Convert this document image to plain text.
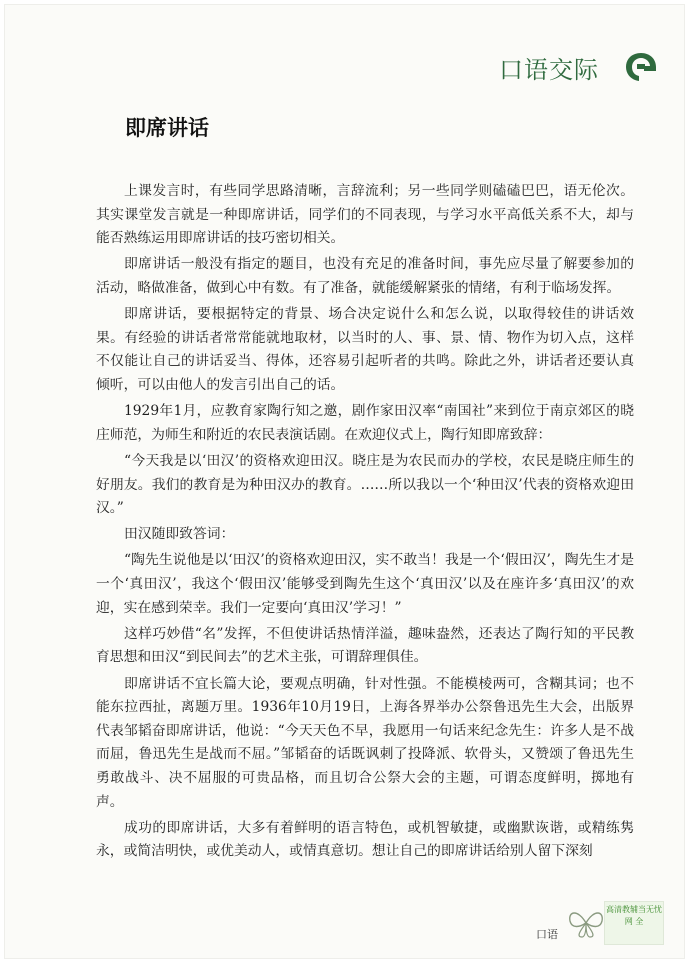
口语交际
即席讲话

上课发言时，有些同学思路清晰，言辞流利；另一些同学则磕磕巴巴，语无伦次。其实课堂发言就是一种即席讲话，同学们的不同表现，与学习水平高低关系不大，却与能否熟练运用即席讲话的技巧密切相关。

即席讲话一般没有指定的题目，也没有充足的准备时间，事先应尽量了解要参加的活动，略做准备，做到心中有数。有了准备，就能缓解紧张的情绪，有利于临场发挥。

即席讲话，要根据特定的背景、场合决定说什么和怎么说，以取得较佳的讲话效果。有经验的讲话者常常能就地取材，以当时的人、事、景、情、物作为切入点，这样不仅能让自己的讲话妥当、得体，还容易引起听者的共鸣。除此之外，讲话者还要认真倾听，可以由他人的发言引出自己的话。

1929年1月，应教育家陶行知之邀，剧作家田汉率“南国社”来到位于南京郊区的晓庄师范，为师生和附近的农民表演话剧。在欢迎仪式上，陶行知即席致辞：

“今天我是以‘田汉’的资格欢迎田汉。晓庄是为农民而办的学校，农民是晓庄师生的好朋友。我们的教育是为种田汉办的教育。……所以我以一个‘种田汉’代表的资格欢迎田汉。”

田汉随即致答词：

“陶先生说他是以‘田汉’的资格欢迎田汉，实不敢当！我是一个‘假田汉’，陶先生才是一个‘真田汉’，我这个‘假田汉’能够受到陶先生这个‘真田汉’以及在座许多‘真田汉’的欢迎，实在感到荣幸。我们一定要向‘真田汉’学习！”

这样巧妙借“名”发挥，不但使讲话热情洋溢，趣味盎然，还表达了陶行知的平民教育思想和田汉“到民间去”的艺术主张，可谓辞理俱佳。

即席讲话不宜长篇大论，要观点明确，针对性强。不能模棱两可，含糊其词；也不能东拉西扯，离题万里。1936年10月19日，上海各界举办公祭鲁迅先生大会，出版界代表邹韬奋即席讲话，他说：“今天天色不早，我愿用一句话来纪念先生：许多人是不战而屈，鲁迅先生是战而不屈。”邹韬奋的话既讽刺了投降派、软骨头，又赞颂了鲁迅先生勇敢战斗、决不屈服的可贵品格，而且切合公祭大会的主题，可谓态度鲜明，掷地有声。

成功的即席讲话，大多有着鲜明的语言特色，或机智敏捷，或幽默诙谐，或精练隽永，或简洁明快，或优美动人，或情真意切。想让自己的即席讲话给别人留下深刻

口语
高清教辅当无忧网 全
